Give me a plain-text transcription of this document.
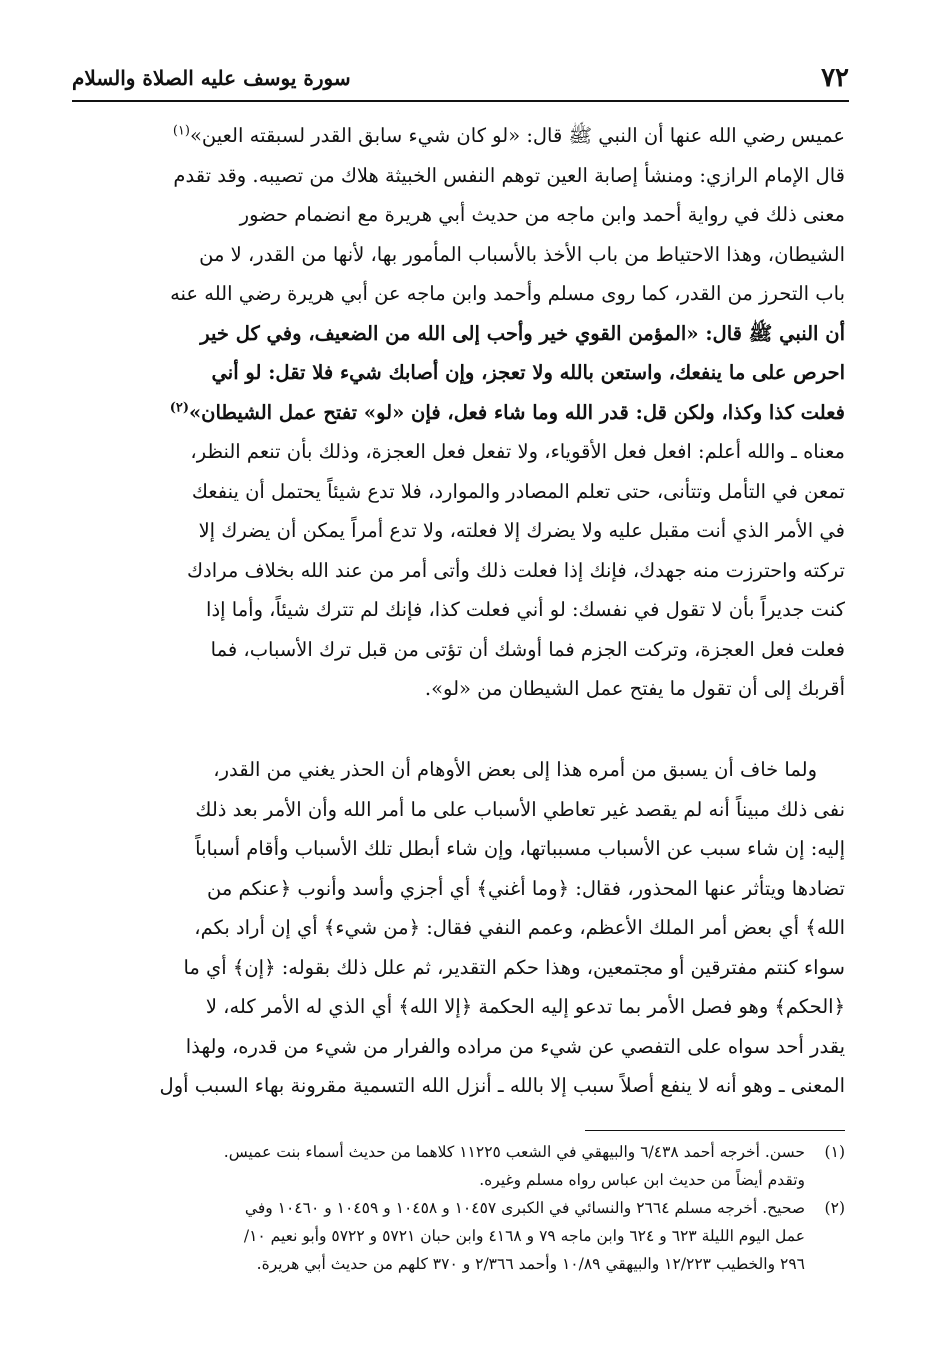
٧٢
سورة يوسف عليه الصلاة والسلام
عميس رضي الله عنها أن النبي ﷺ قال: «لو كان شيء سابق القدر لسبقته العين»$^{(١)}$
قال الإمام الرازي: ومنشأ إصابة العين توهم النفس الخبيثة هلاك من تصيبه. وقد تقدم
معنى ذلك في رواية أحمد وابن ماجه من حديث أبي هريرة مع انضمام حضور
الشيطان، وهذا الاحتياط من باب الأخذ بالأسباب المأمور بها، لأنها من القدر، لا من
باب التحرز من القدر، كما روى مسلم وأحمد وابن ماجه عن أبي هريرة رضي الله عنه
أن النبي ﷺ قال: «المؤمن القوي خير وأحب إلى الله من الضعيف، وفي كل خير
احرص على ما ينفعك، واستعن بالله ولا تعجز، وإن أصابك شيء فلا تقل: لو أني
فعلت كذا وكذا، ولكن قل: قدر الله وما شاء فعل، فإن «لو» تفتح عمل الشيطان»$^{(٢)}$
معناه ـ والله أعلم: افعل فعل الأقوياء، ولا تفعل فعل العجزة، وذلك بأن تنعم النظر،
تمعن في التأمل وتتأنى، حتى تعلم المصادر والموارد، فلا تدع شيئاً يحتمل أن ينفعك
في الأمر الذي أنت مقبل عليه ولا يضرك إلا فعلته، ولا تدع أمراً يمكن أن يضرك إلا
تركته واحترزت منه جهدك، فإنك إذا فعلت ذلك وأتى أمر من عند الله بخلاف مرادك
كنت جديراً بأن لا تقول في نفسك: لو أني فعلت كذا، فإنك لم تترك شيئاً، وأما إذا
فعلت فعل العجزة، وتركت الجزم فما أوشك أن تؤتى من قبل ترك الأسباب، فما
أقربك إلى أن تقول ما يفتح عمل الشيطان من «لو».
ولما خاف أن يسبق من أمره هذا إلى بعض الأوهام أن الحذر يغني من القدر،
نفى ذلك مبيناً أنه لم يقصد غير تعاطي الأسباب على ما أمر الله وأن الأمر بعد ذلك
إليه: إن شاء سبب عن الأسباب مسبباتها، وإن شاء أبطل تلك الأسباب وأقام أسباباً
تضادها ويتأثر عنها المحذور، فقال: ﴿وما أغني﴾ أي أجزي وأسد وأنوب ﴿عنكم من
الله﴾ أي بعض أمر الملك الأعظم، وعمم النفي فقال: ﴿من شيء﴾ أي إن أراد بكم،
سواء كنتم مفترقين أو مجتمعين، وهذا حكم التقدير، ثم علل ذلك بقوله: ﴿إن﴾ أي ما
﴿الحكم﴾ وهو فصل الأمر بما تدعو إليه الحكمة ﴿إلا الله﴾ أي الذي له الأمر كله، لا
يقدر أحد سواه على التفصي عن شيء من مراده والفرار من شيء من قدره، ولهذا
المعنى ـ وهو أنه لا ينفع أصلاً سبب إلا بالله ـ أنزل الله التسمية مقرونة بهاء السبب أول
(١)
حسن. أخرجه أحمد ٦/٤٣٨ والبيهقي في الشعب ١١٢٢٥ كلاهما من حديث أسماء بنت عميس.
وتقدم أيضاً من حديث ابن عباس رواه مسلم وغيره.
(٢)
صحيح. أخرجه مسلم ٢٦٦٤ والنسائي في الكبرى ١٠٤٥٧ و ١٠٤٥٨ و ١٠٤٥٩ و ١٠٤٦٠ وفي
عمل اليوم الليلة ٦٢٣ و ٦٢٤ وابن ماجه ٧٩ و ٤١٦٨ وابن حبان ٥٧٢١ و ٥٧٢٢ وأبو نعيم ١٠/
٢٩٦ والخطيب ١٢/٢٢٣ والبيهقي ١٠/٨٩ وأحمد ٢/٣٦٦ و ٣٧٠ كلهم من حديث أبي هريرة.
